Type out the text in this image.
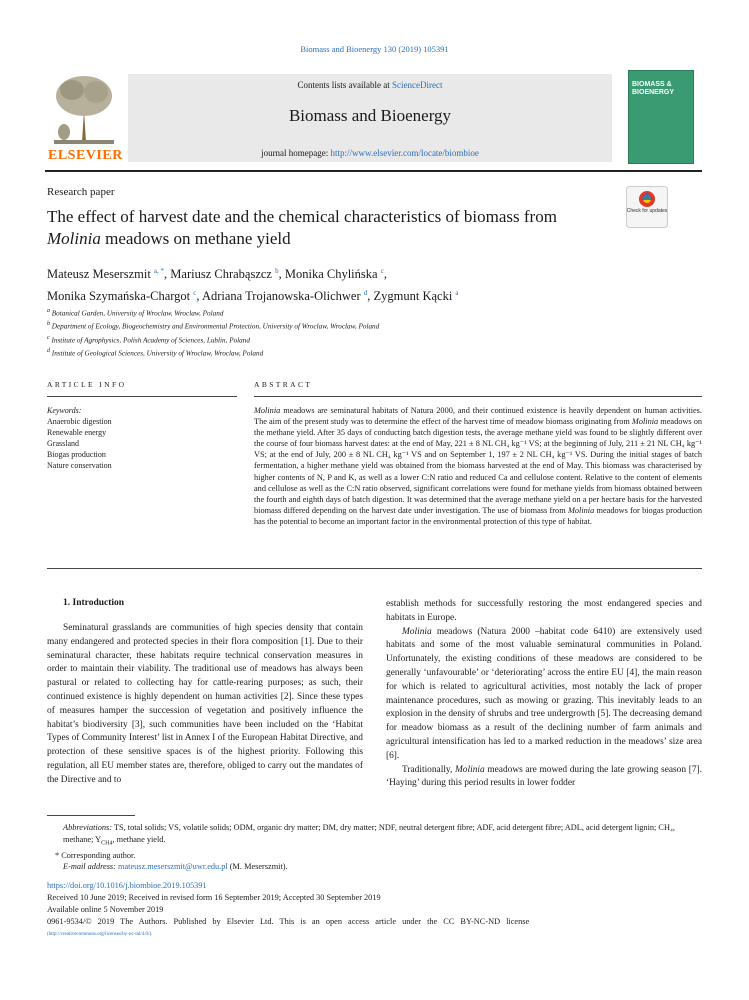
Biomass and Bioenergy 130 (2019) 105391
ELSEVIER
Contents lists available at ScienceDirect
Biomass and Bioenergy
journal homepage: http://www.elsevier.com/locate/biombioe
BIOMASS & BIOENERGY
Research paper
The effect of harvest date and the chemical characteristics of biomass from
Molinia meadows on methane yield
Check for updates
Mateusz Meserszmit $^{a, *}$, Mariusz Chrabąszcz $^b$, Monika Chylińska $^c$,
Monika Szymańska-Chargot $^c$, Adriana Trojanowska-Olichwer $^d$, Zygmunt Kącki $^a$
$^a$ Botanical Garden, University of Wroclaw, Wroclaw, Poland
$^b$ Department of Ecology, Biogeochemistry and Environmental Protection, University of Wroclaw, Wroclaw, Poland
$^c$ Institute of Agrophysics, Polish Academy of Sciences, Lublin, Poland
$^d$ Institute of Geological Sciences, University of Wroclaw, Wroclaw, Poland
ARTICLE INFO	ABSTRACT
Keywords:
Anaerobic digestion
Renewable energy
Grassland
Biogas production
Nature conservation
Molinia meadows are seminatural habitats of Natura 2000, and their continued existence is heavily dependent on human activities. The aim of the present study was to determine the effect of the harvest time of meadow biomass originating from Molinia meadows on the methane yield. After 35 days of conducting batch digestion tests, the average methane yield was found to be slightly different over the course of four biomass harvest dates: at the end of May, 221 ± 8 NL CH₄ kg⁻¹ VS; at the beginning of July, 211 ± 21 NL CH₄ kg⁻¹ VS; at the end of July, 200 ± 8 NL CH₄ kg⁻¹ VS and on September 1, 197 ± 2 NL CH₄ kg⁻¹ VS. During the initial stages of batch fermentation, a higher methane yield was obtained from the biomass harvested at the end of May. This biomass was characterised by higher contents of N, P and K, as well as a lower C:N ratio and reduced Ca and cellulose content. Relative to the content of elements and cellulose as well as the C:N ratio observed, significant correlations were found for methane yields from biomass obtained between the fourth and eighth days of batch digestion. It was determined that the average methane yield on a per hectare basis for the harvested biomass differed depending on the harvest date under investigation. The use of biomass from Molinia meadows for biogas production has the potential to become an important factor in the environmental protection of this type of habitat.
1. Introduction
Seminatural grasslands are communities of high species density that contain many endangered and protected species in their flora composition [1]. Due to their seminatural character, these habitats require technical conservation measures in order to maintain their viability. The traditional use of meadows has always been pastural or related to collecting hay for cattle-rearing purposes; as such, their continued existence is highly dependent on human activities [2]. Since these types of measures hamper the succession of vegetation and positively influence the habitat’s biodiversity [3], such communities have been included on the ‘Habitat Types of Community Interest’ list in Annex I of the European Habitat Directive, and protection of these sensitive spaces is of the highest priority. Following this regulation, all EU member states are, therefore, obliged to carry out the mandates of the Directive and to
establish methods for successfully restoring the most endangered species and habitats in Europe.
Molinia meadows (Natura 2000 –habitat code 6410) are extensively used habitats and some of the most valuable seminatural communities in Poland. Unfortunately, the existing conditions of these meadows are considered to be generally ‘unfavourable’ or ‘deteriorating’ across the entire EU [4], the main reason for which is related to agricultural activities, most notably the lack of proper maintenance procedures, such as mowing or grazing. This inevitably leads to an explosion in the density of shrubs and tree undergrowth [5]. The decreasing demand for meadow biomass as a result of the declining number of farm animals and agricultural intensification has led to a marked reduction in the meadows’ size area [6].
Traditionally, Molinia meadows are mowed during the late growing season [7]. ‘Haying’ during this period results in lower fodder
Abbreviations: TS, total solids; VS, volatile solids; ODM, organic dry matter; DM, dry matter; NDF, neutral detergent fibre; ADF, acid detergent fibre; ADL, acid detergent lignin; CH₄, methane; $Y_{CH4}$, methane yield.
* Corresponding author.
E-mail address: mateusz.meserszmit@uwr.edu.pl (M. Meserszmit).
https://doi.org/10.1016/j.biombioe.2019.105391
Received 10 June 2019; Received in revised form 16 September 2019; Accepted 30 September 2019
Available online 5 November 2019
0961-9534/© 2019 The Authors. Published by Elsevier Ltd. This is an open access article under the CC BY-NC-ND license
(http://creativecommons.org/licenses/by-nc-nd/4.0/).
